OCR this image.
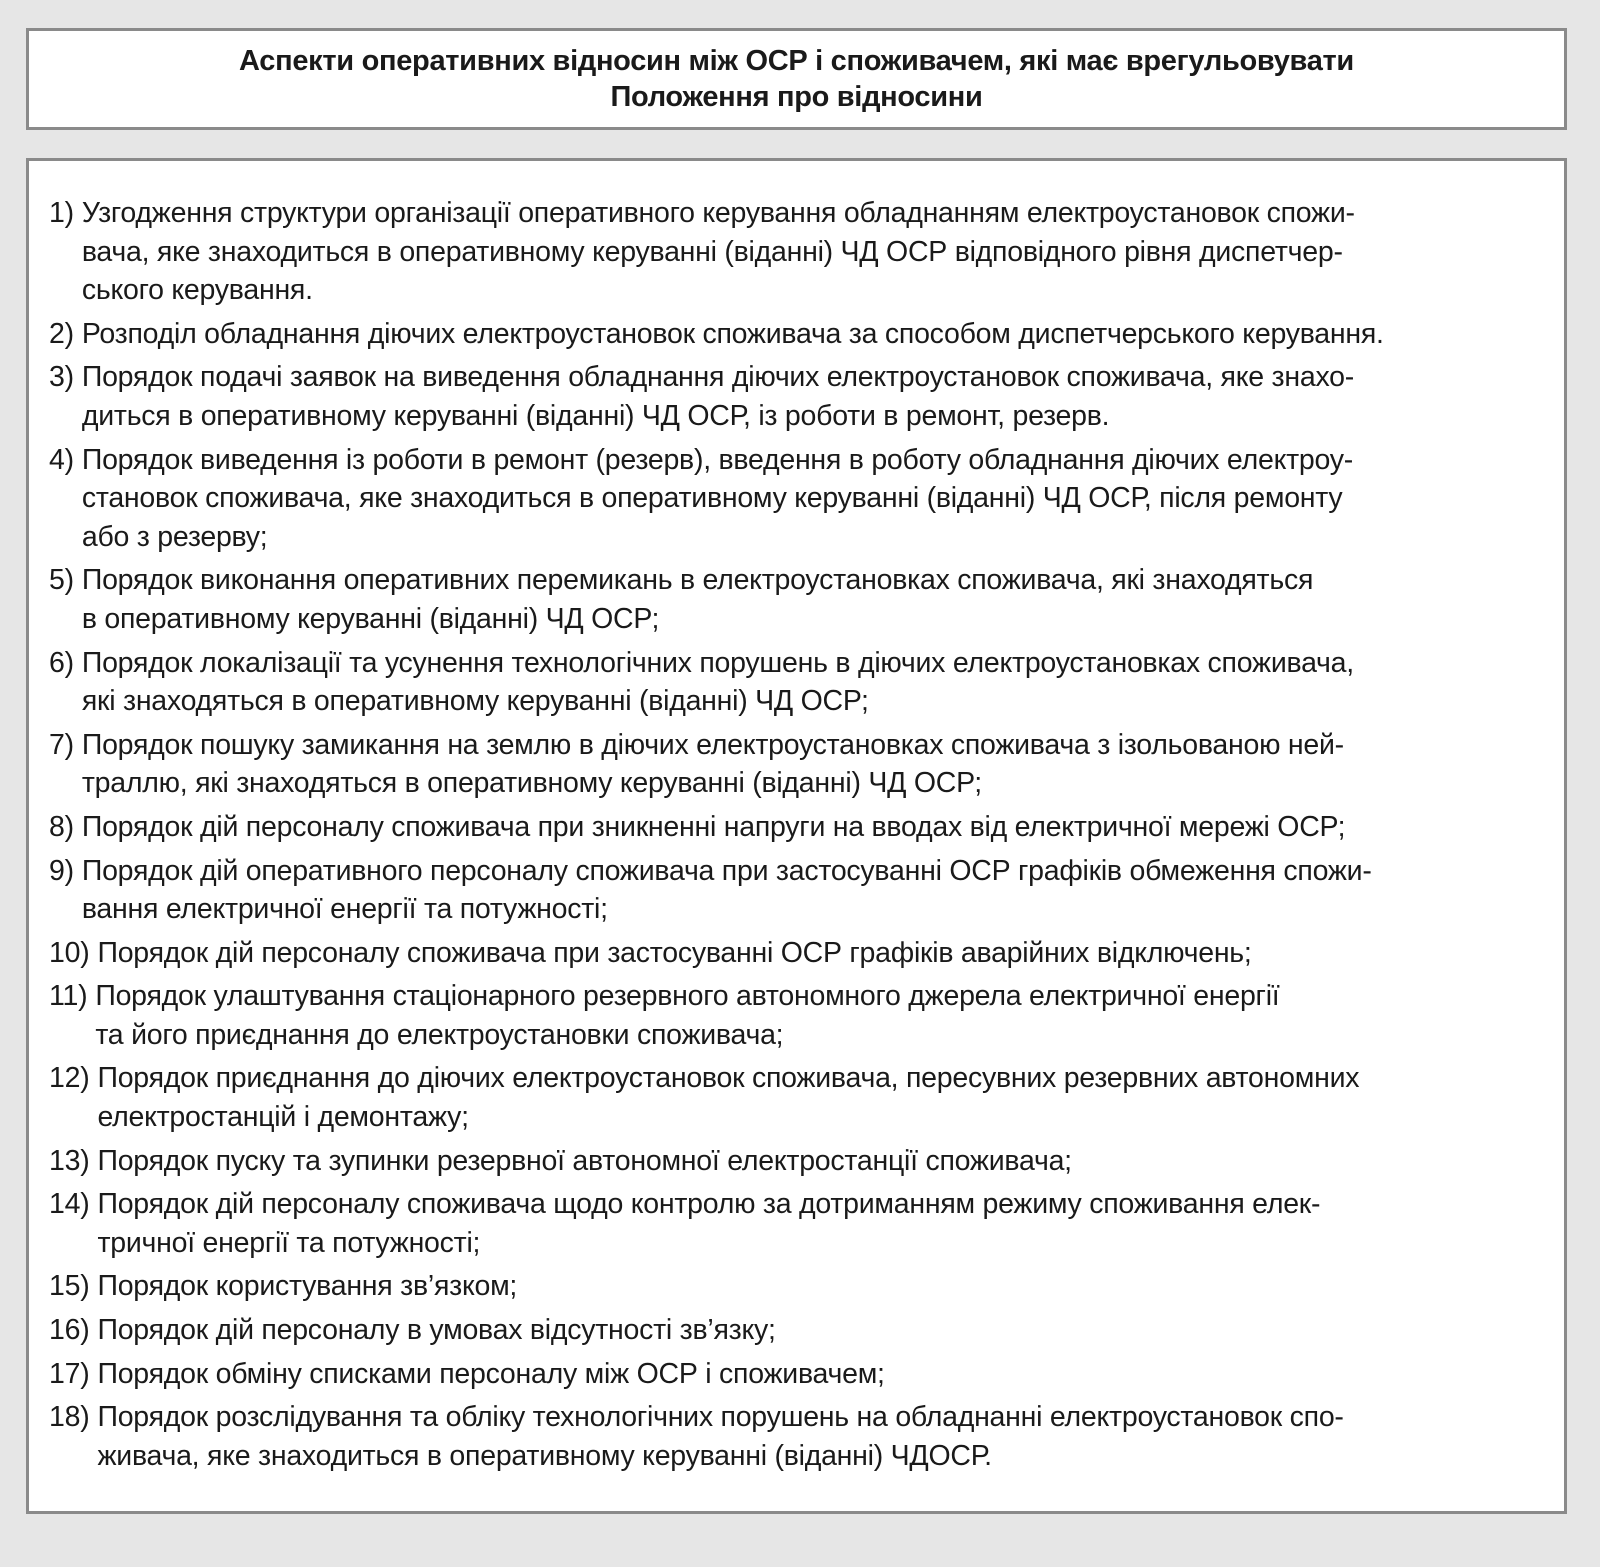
Аспекти оперативних відносин між ОСР і споживачем, які має врегульовувати
Положення про відносини
1) Узгодження структури організації оперативного керування обладнанням електроустановок спожи-
вача, яке знаходиться в оперативному керуванні (віданні) ЧД ОСР відповідного рівня диспетчер-
ського керування.
2) Розподіл обладнання діючих електроустановок споживача за способом диспетчерського керування.
3) Порядок подачі заявок на виведення обладнання діючих електроустановок споживача, яке знахо-
диться в оперативному керуванні (віданні) ЧД ОСР, із роботи в ремонт, резерв.
4) Порядок виведення із роботи в ремонт (резерв), введення в роботу обладнання діючих електроу-
становок споживача, яке знаходиться в оперативному керуванні (віданні) ЧД ОСР, після ремонту
або з резерву;
5) Порядок виконання оперативних перемикань в електроустановках споживача, які знаходяться
в оперативному керуванні (віданні) ЧД ОСР;
6) Порядок локалізації та усунення технологічних порушень в діючих електроустановках споживача,
які знаходяться в оперативному керуванні (віданні) ЧД ОСР;
7) Порядок пошуку замикання на землю в діючих електроустановках споживача з ізольованою ней-
траллю, які знаходяться в оперативному керуванні (віданні) ЧД ОСР;
8) Порядок дій персоналу споживача при зникненні напруги на вводах від електричної мережі ОСР;
9) Порядок дій оперативного персоналу споживача при застосуванні ОСР графіків обмеження спожи-
вання електричної енергії та потужності;
10) Порядок дій персоналу споживача при застосуванні ОСР графіків аварійних відключень;
11) Порядок улаштування стаціонарного резервного автономного джерела електричної енергії
та його приєднання до електроустановки споживача;
12) Порядок приєднання до діючих електроустановок споживача, пересувних резервних автономних
електростанцій і демонтажу;
13) Порядок пуску та зупинки резервної автономної електростанції споживача;
14) Порядок дій персоналу споживача щодо контролю за дотриманням режиму споживання елек-
тричної енергії та потужності;
15) Порядок користування зв’язком;
16) Порядок дій персоналу в умовах відсутності зв’язку;
17) Порядок обміну списками персоналу між ОСР і споживачем;
18) Порядок розслідування та обліку технологічних порушень на обладнанні електроустановок спо-
живача, яке знаходиться в оперативному керуванні (віданні) ЧДОСР.
